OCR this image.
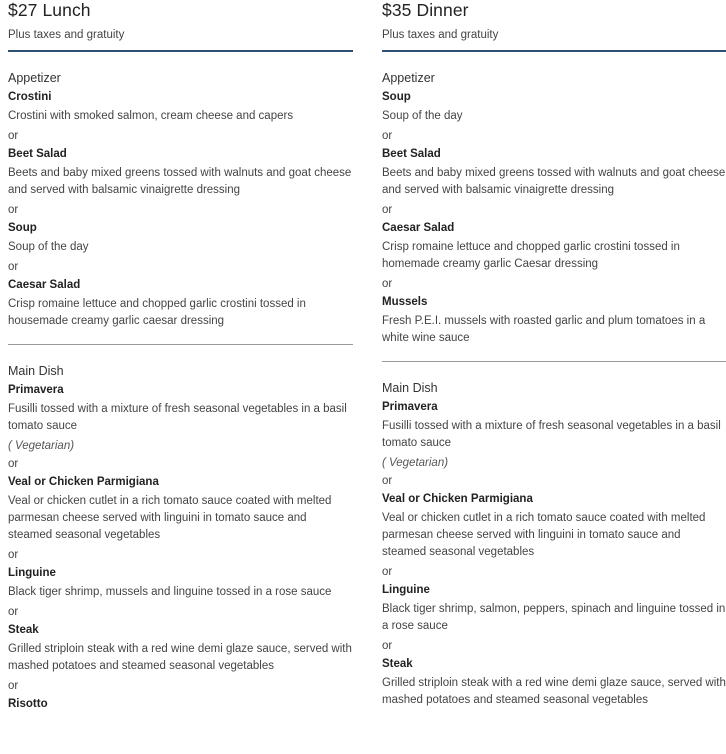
$27 Lunch
Plus taxes and gratuity
Appetizer
Crostini
Crostini with smoked salmon, cream cheese and capers
or
Beet Salad
Beets and baby mixed greens tossed with walnuts and goat cheese and served with balsamic vinaigrette dressing
or
Soup
Soup of the day
or
Caesar Salad
Crisp romaine lettuce and chopped garlic crostini tossed in housemade creamy garlic caesar dressing
Main Dish
Primavera
Fusilli tossed with a mixture of fresh seasonal vegetables in a basil tomato sauce
( Vegetarian)
or
Veal or Chicken Parmigiana
Veal or chicken cutlet in a rich tomato sauce coated with melted parmesan cheese served with linguini in tomato sauce and steamed seasonal vegetables
or
Linguine
Black tiger shrimp, mussels and linguine tossed in a rose sauce
or
Steak
Grilled striploin steak with a red wine demi glaze sauce, served with mashed potatoes and steamed seasonal vegetables
or
Risotto
$35 Dinner
Plus taxes and gratuity
Appetizer
Soup
Soup of the day
or
Beet Salad
Beets and baby mixed greens tossed with walnuts and goat cheese and served with balsamic vinaigrette dressing
or
Caesar Salad
Crisp romaine lettuce and chopped garlic crostini tossed in homemade creamy garlic Caesar dressing
or
Mussels
Fresh P.E.I. mussels with roasted garlic and plum tomatoes in a white wine sauce
Main Dish
Primavera
Fusilli tossed with a mixture of fresh seasonal vegetables in a basil tomato sauce
( Vegetarian)
or
Veal or Chicken Parmigiana
Veal or chicken cutlet in a rich tomato sauce coated with melted parmesan cheese served with linguini in tomato sauce and steamed seasonal vegetables
or
Linguine
Black tiger shrimp, salmon, peppers, spinach and linguine tossed in a rose sauce
or
Steak
Grilled striploin steak with a red wine demi glaze sauce, served with mashed potatoes and steamed seasonal vegetables
